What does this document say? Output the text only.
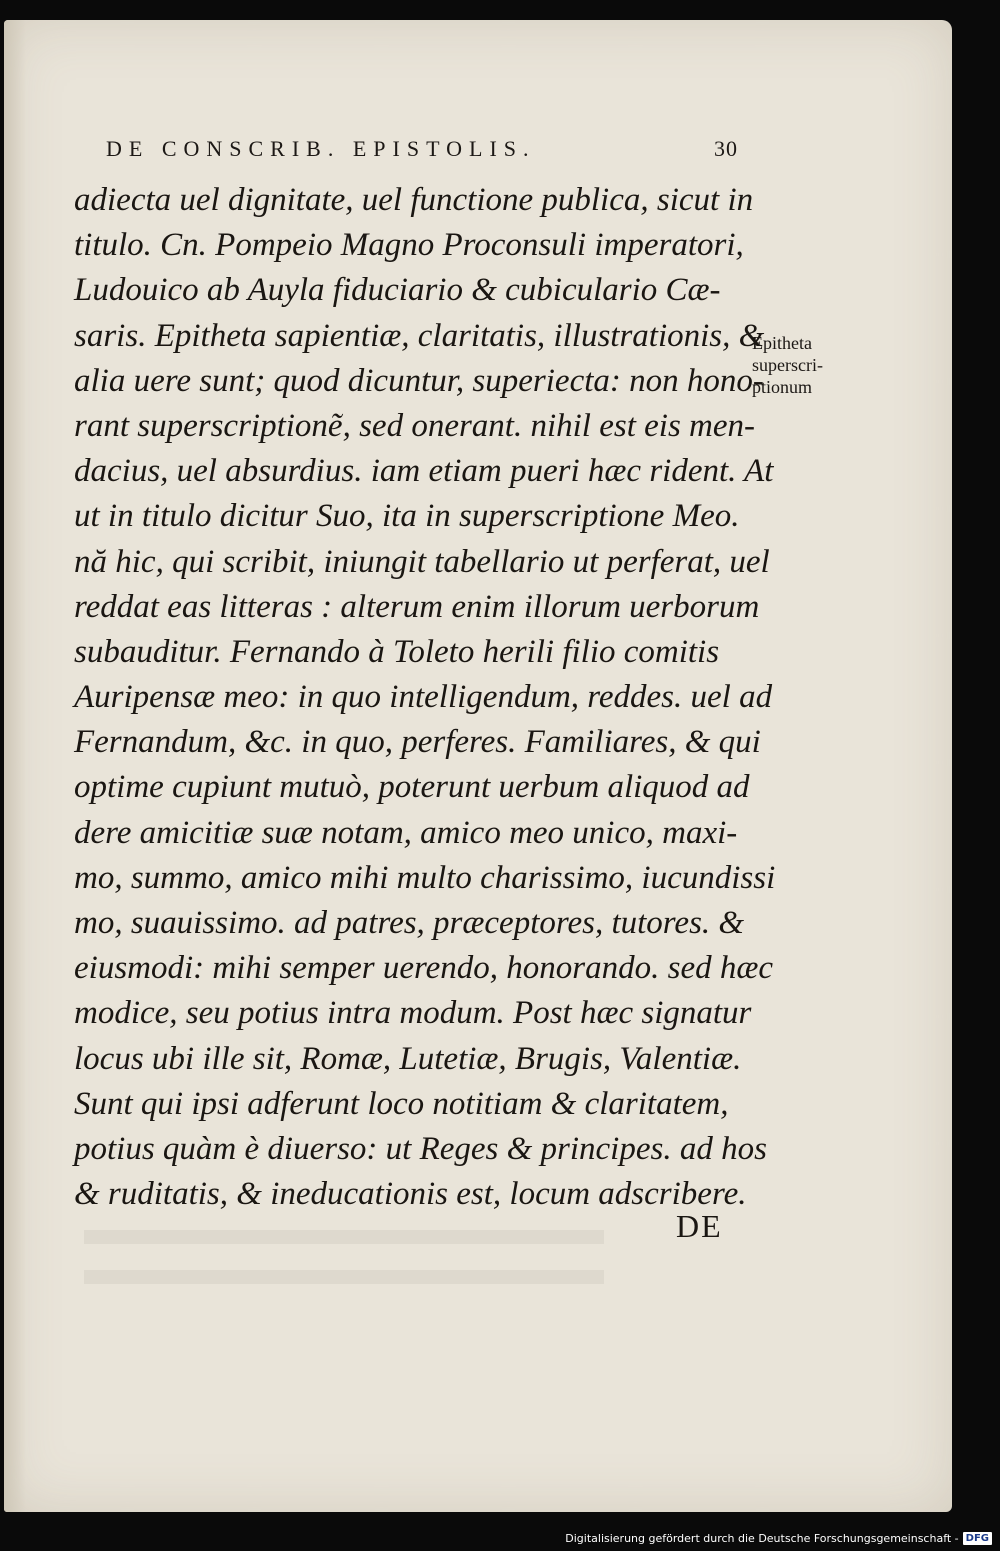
DE CONSCRIB. EPISTOLIS.	30
adiecta uel dignitate, uel functione publica, sicut in
titulo. Cn. Pompeio Magno Proconsuli imperatori,
Ludouico ab Auyla fiduciario & cubiculario Cæ-
saris. Epitheta sapientiæ, claritatis, illustrationis, &
alia uere sunt; quod dicuntur, superiecta: non hono-
rant superscriptionẽ, sed onerant. nihil est eis men-
dacius, uel absurdius. iam etiam pueri hæc rident. At
ut in titulo dicitur Suo, ita in superscriptione Meo.
nă hic, qui scribit, iniungit tabellario ut perferat, uel
reddat eas litteras : alterum enim illorum uerborum
subauditur. Fernando à Toleto herili filio comitis
Auripensæ meo: in quo intelligendum, reddes. uel ad
Fernandum, &c. in quo, perferes. Familiares, & qui
optime cupiunt mutuò, poterunt uerbum aliquod ad
dere amicitiæ suæ notam, amico meo unico, maxi-
mo, summo, amico mihi multo charissimo, iucundissi
mo, suauissimo. ad patres, præceptores, tutores. &
eiusmodi: mihi semper uerendo, honorando. sed hæc
modice, seu potius intra modum. Post hæc signatur
locus ubi ille sit, Romæ, Lutetiæ, Brugis, Valentiæ.
Sunt qui ipsi adferunt loco notitiam & claritatem,
potius quàm è diuerso: ut Reges & principes. ad hos
& ruditatis, & ineducationis est, locum adscribere.
Epitheta
superscri-
ptionum
DE
Digitalisierung gefördert durch die Deutsche Forschungsgemeinschaft - DFG
